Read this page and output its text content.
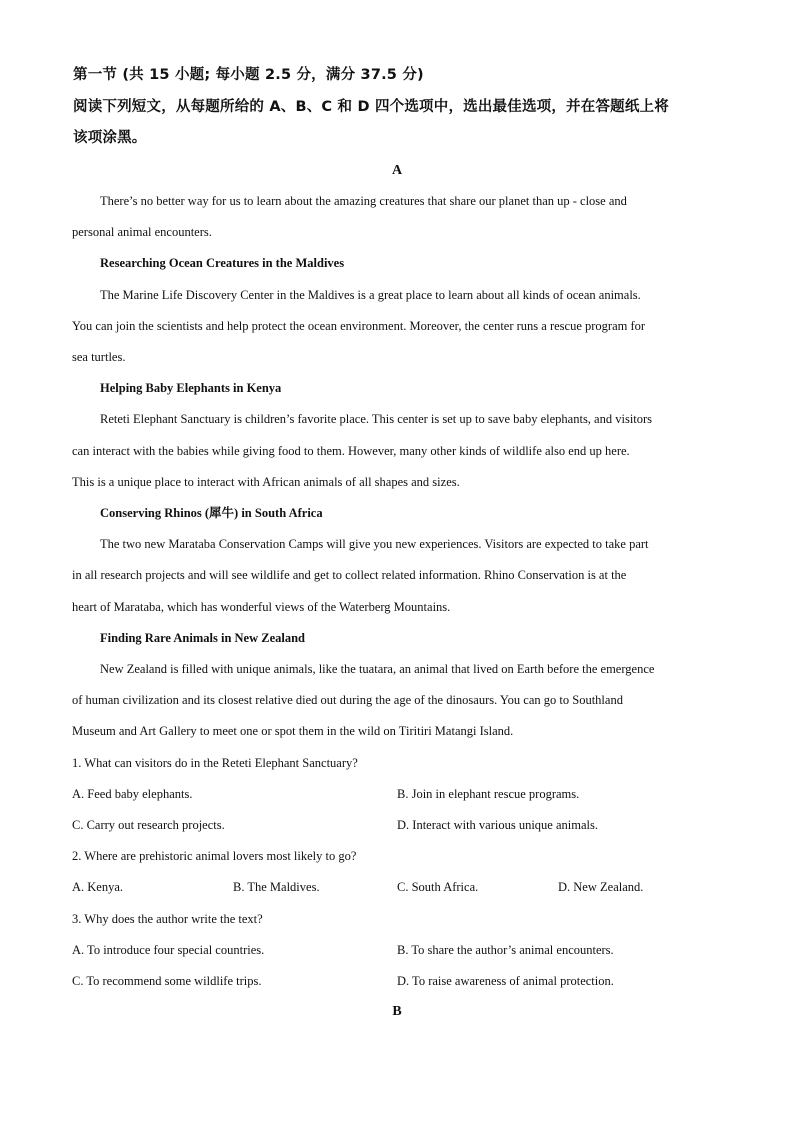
第一节 (共 15 小题; 每小题 2.5 分，满分 37.5 分)
阅读下列短文，从每题所给的 A、B、C 和 D 四个选项中，选出最佳选项，并在答题纸上将
该项涂黑。
A
There’s no better way for us to learn about the amazing creatures that share our planet than up - close and
personal animal encounters.
Researching Ocean Creatures in the Maldives
The Marine Life Discovery Center in the Maldives is a great place to learn about all kinds of ocean animals.
You can join the scientists and help protect the ocean environment. Moreover, the center runs a rescue program for
sea turtles.
Helping Baby Elephants in Kenya
Reteti Elephant Sanctuary is children’s favorite place. This center is set up to save baby elephants, and visitors
can interact with the babies while giving food to them. However, many other kinds of wildlife also end up here.
This is a unique place to interact with African animals of all shapes and sizes.
Conserving Rhinos (犀牛) in South Africa
The two new Marataba Conservation Camps will give you new experiences. Visitors are expected to take part
in all research projects and will see wildlife and get to collect related information. Rhino Conservation is at the
heart of Marataba, which has wonderful views of the Waterberg Mountains.
Finding Rare Animals in New Zealand
New Zealand is filled with unique animals, like the tuatara, an animal that lived on Earth before the emergence
of human civilization and its closest relative died out during the age of the dinosaurs. You can go to Southland
Museum and Art Gallery to meet one or spot them in the wild on Tiritiri Matangi Island.
1. What can visitors do in the Reteti Elephant Sanctuary?
A. Feed baby elephants.	B. Join in elephant rescue programs.
C. Carry out research projects.	D. Interact with various unique animals.
2. Where are prehistoric animal lovers most likely to go?
A. Kenya.	B. The Maldives.	C. South Africa.	D. New Zealand.
3. Why does the author write the text?
A. To introduce four special countries.	B. To share the author’s animal encounters.
C. To recommend some wildlife trips.	D. To raise awareness of animal protection.
B
